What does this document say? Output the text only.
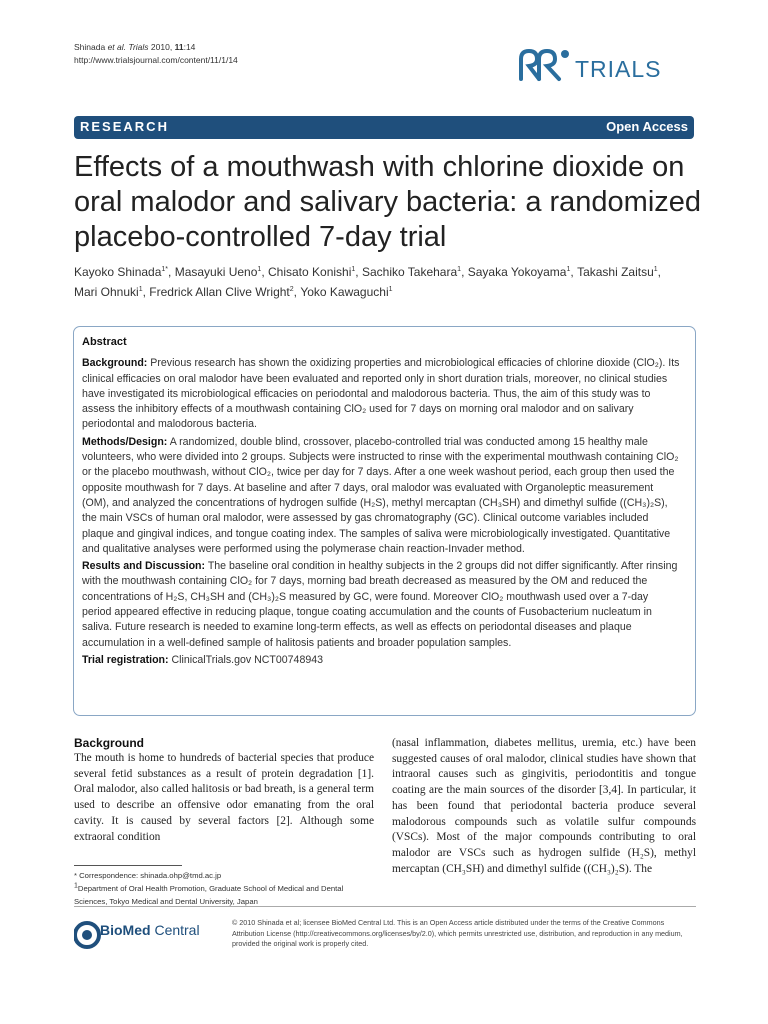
Shinada et al. Trials 2010, 11:14
http://www.trialsjournal.com/content/11/1/14	TRIALS
RESEARCH	Open Access
Effects of a mouthwash with chlorine dioxide on oral malodor and salivary bacteria: a randomized placebo-controlled 7-day trial
Kayoko Shinada$^{1*}$, Masayuki Ueno$^1$, Chisato Konishi$^1$, Sachiko Takehara$^1$, Sayaka Yokoyama$^1$, Takashi Zaitsu$^1$,
Mari Ohnuki$^1$, Fredrick Allan Clive Wright$^2$, Yoko Kawaguchi$^1$
Abstract

Background: Previous research has shown the oxidizing properties and microbiological efficacies of chlorine dioxide (ClO₂). Its clinical efficacies on oral malodor have been evaluated and reported only in short duration trials, moreover, no clinical studies have investigated its microbiological efficacies on periodontal and malodorous bacteria. Thus, the aim of this study was to assess the inhibitory effects of a mouthwash containing ClO₂ used for 7 days on morning oral malodor and on salivary periodontal and malodorous bacteria.

Methods/Design: A randomized, double blind, crossover, placebo-controlled trial was conducted among 15 healthy male volunteers, who were divided into 2 groups. Subjects were instructed to rinse with the experimental mouthwash containing ClO₂ or the placebo mouthwash, without ClO₂, twice per day for 7 days. After a one week washout period, each group then used the opposite mouthwash for 7 days. At baseline and after 7 days, oral malodor was evaluated with Organoleptic measurement (OM), and analyzed the concentrations of hydrogen sulfide (H₂S), methyl mercaptan (CH₃SH) and dimethyl sulfide ((CH₃)₂S), the main VSCs of human oral malodor, were assessed by gas chromatography (GC). Clinical outcome variables included plaque and gingival indices, and tongue coating index. The samples of saliva were microbiologically investigated. Quantitative and qualitative analyses were performed using the polymerase chain reaction-Invader method.

Results and Discussion: The baseline oral condition in healthy subjects in the 2 groups did not differ significantly. After rinsing with the mouthwash containing ClO₂ for 7 days, morning bad breath decreased as measured by the OM and reduced the concentrations of H₂S, CH₃SH and (CH₃)₂S measured by GC, were found. Moreover ClO₂ mouthwash used over a 7-day period appeared effective in reducing plaque, tongue coating accumulation and the counts of Fusobacterium nucleatum in saliva. Future research is needed to examine long-term effects, as well as effects on periodontal diseases and plaque accumulation in a well-defined sample of halitosis patients and broader population samples.

Trial registration: ClinicalTrials.gov NCT00748943

Background
The mouth is home to hundreds of bacterial species that produce several fetid substances as a result of protein degradation [1]. Oral malodor, also called halitosis or bad breath, is a general term used to describe an offensive odor emanating from the oral cavity. It is caused by several factors [2]. Although some extraoral condition
(nasal inflammation, diabetes mellitus, uremia, etc.) have been suggested causes of oral malodor, clinical studies have shown that intraoral causes such as gingivitis, periodontitis and tongue coating are the main sources of the disorder [3,4]. In particular, it has been found that periodontal bacteria produce several malodorous compounds such as volatile sulfur compounds (VSCs). Most of the major compounds contributing to oral malodor are VSCs such as hydrogen sulfide (H₂S), methyl mercaptan (CH₃SH) and dimethyl sulfide ((CH₃)₂S). The
* Correspondence: shinada.ohp@tmd.ac.jp
$^1$Department of Oral Health Promotion, Graduate School of Medical and Dental Sciences, Tokyo Medical and Dental University, Japan
BioMed Central	© 2010 Shinada et al; licensee BioMed Central Ltd. This is an Open Access article distributed under the terms of the Creative Commons Attribution License (http://creativecommons.org/licenses/by/2.0), which permits unrestricted use, distribution, and reproduction in any medium, provided the original work is properly cited.
